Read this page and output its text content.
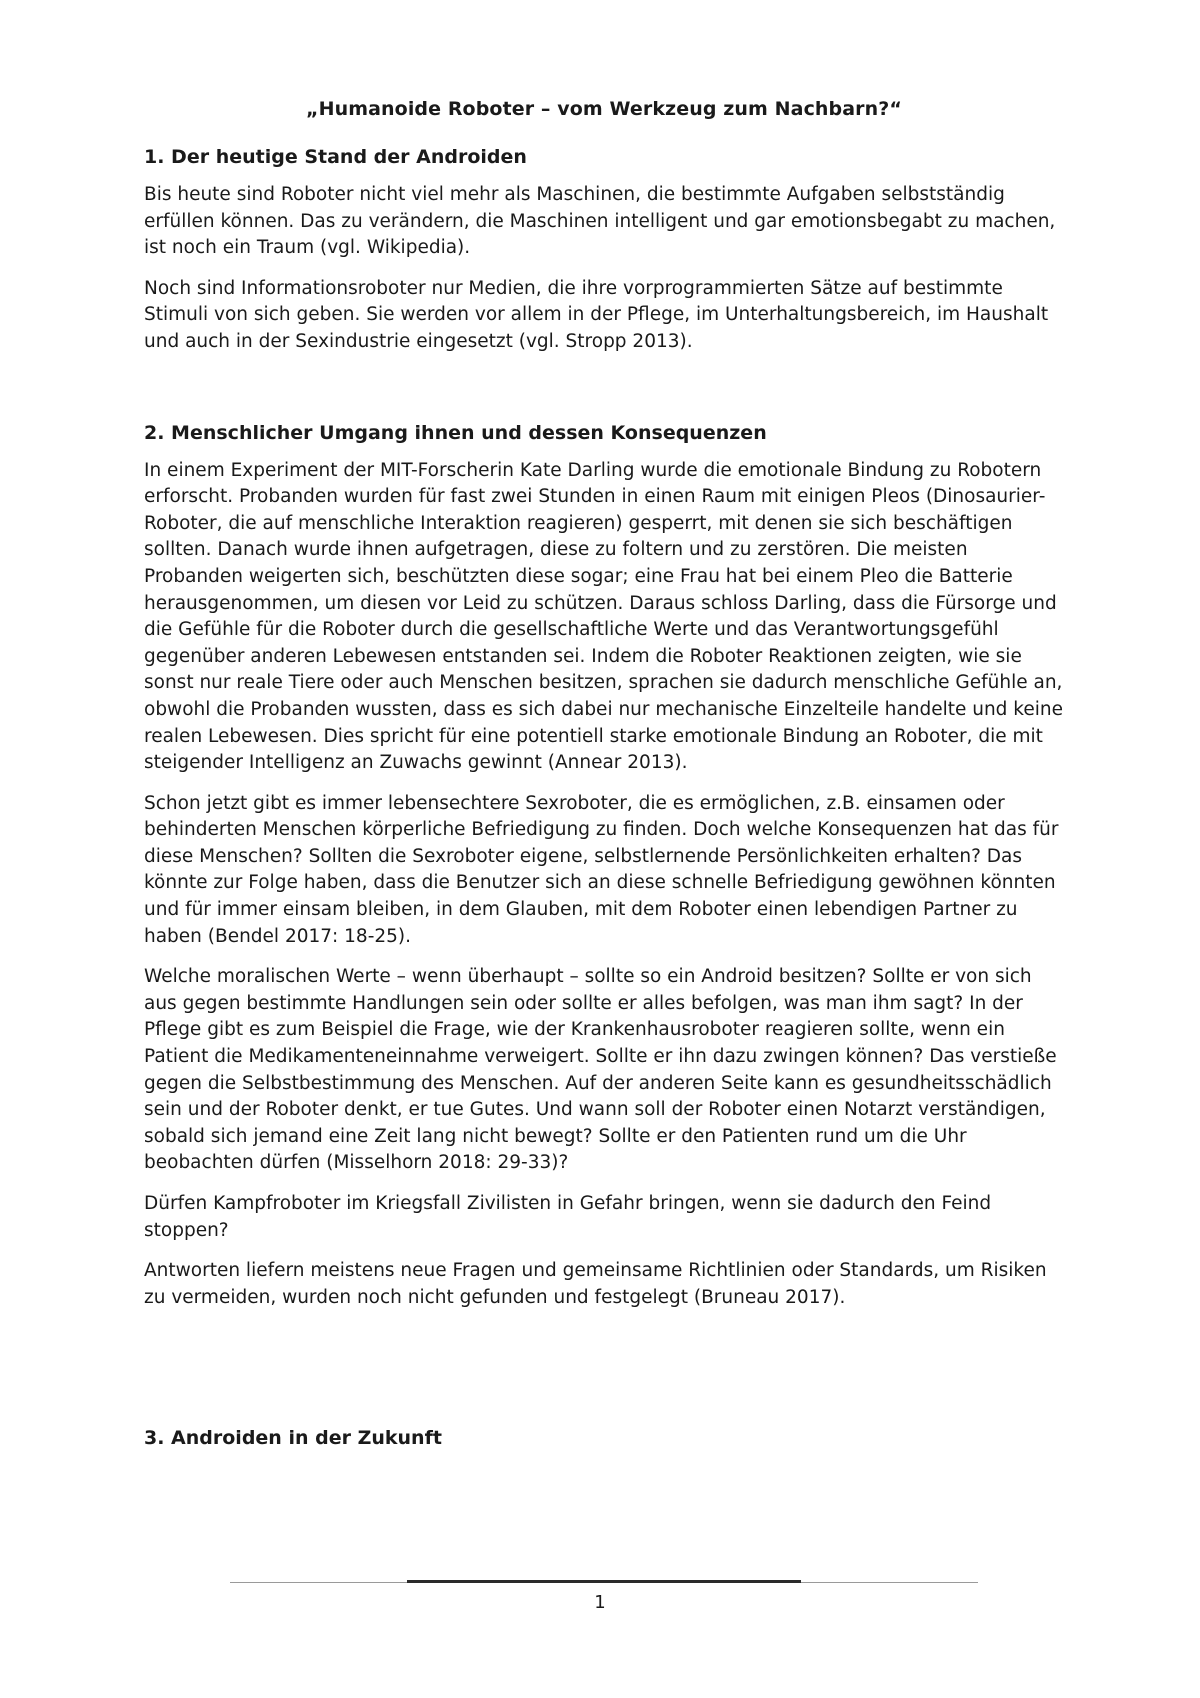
„Humanoide Roboter – vom Werkzeug zum Nachbarn?“
1. Der heutige Stand der Androiden

Bis heute sind Roboter nicht viel mehr als Maschinen, die bestimmte Aufgaben selbstständig erfüllen können. Das zu verändern, die Maschinen intelligent und gar emotionsbegabt zu machen, ist noch ein Traum (vgl. Wikipedia).

Noch sind Informationsroboter nur Medien, die ihre vorprogrammierten Sätze auf bestimmte Stimuli von sich geben. Sie werden vor allem in der Pflege, im Unterhaltungsbereich, im Haushalt und auch in der Sexindustrie eingesetzt (vgl. Stropp 2013).

2. Menschlicher Umgang ihnen und dessen Konsequenzen

In einem Experiment der MIT-Forscherin Kate Darling wurde die emotionale Bindung zu Robotern erforscht. Probanden wurden für fast zwei Stunden in einen Raum mit einigen Pleos (Dinosaurier-Roboter, die auf menschliche Interaktion reagieren) gesperrt, mit denen sie sich beschäftigen sollten. Danach wurde ihnen aufgetragen, diese zu foltern und zu zerstören. Die meisten Probanden weigerten sich, beschützten diese sogar; eine Frau hat bei einem Pleo die Batterie herausgenommen, um diesen vor Leid zu schützen. Daraus schloss Darling, dass die Fürsorge und die Gefühle für die Roboter durch die gesellschaftliche Werte und das Verantwortungsgefühl gegenüber anderen Lebewesen entstanden sei. Indem die Roboter Reaktionen zeigten, wie sie sonst nur reale Tiere oder auch Menschen besitzen, sprachen sie dadurch menschliche Gefühle an, obwohl die Probanden wussten, dass es sich dabei nur mechanische Einzelteile handelte und keine realen Lebewesen. Dies spricht für eine potentiell starke emotionale Bindung an Roboter, die mit steigender Intelligenz an Zuwachs gewinnt (Annear 2013).

Schon jetzt gibt es immer lebensechtere Sexroboter, die es ermöglichen, z.B. einsamen oder behinderten Menschen körperliche Befriedigung zu finden. Doch welche Konsequenzen hat das für diese Menschen? Sollten die Sexroboter eigene, selbstlernende Persönlichkeiten erhalten? Das könnte zur Folge haben, dass die Benutzer sich an diese schnelle Befriedigung gewöhnen könnten und für immer einsam bleiben, in dem Glauben, mit dem Roboter einen lebendigen Partner zu haben (Bendel 2017: 18-25).

Welche moralischen Werte – wenn überhaupt – sollte so ein Android besitzen? Sollte er von sich aus gegen bestimmte Handlungen sein oder sollte er alles befolgen, was man ihm sagt? In der Pflege gibt es zum Beispiel die Frage, wie der Krankenhausroboter reagieren sollte, wenn ein Patient die Medikamenteneinnahme verweigert. Sollte er ihn dazu zwingen können? Das verstieße gegen die Selbstbestimmung des Menschen. Auf der anderen Seite kann es gesundheitsschädlich sein und der Roboter denkt, er tue Gutes. Und wann soll der Roboter einen Notarzt verständigen, sobald sich jemand eine Zeit lang nicht bewegt? Sollte er den Patienten rund um die Uhr beobachten dürfen (Misselhorn 2018: 29-33)?

Dürfen Kampfroboter im Kriegsfall Zivilisten in Gefahr bringen, wenn sie dadurch den Feind stoppen?

Antworten liefern meistens neue Fragen und gemeinsame Richtlinien oder Standards, um Risiken zu vermeiden, wurden noch nicht gefunden und festgelegt (Bruneau 2017).

3. Androiden in der Zukunft
1
